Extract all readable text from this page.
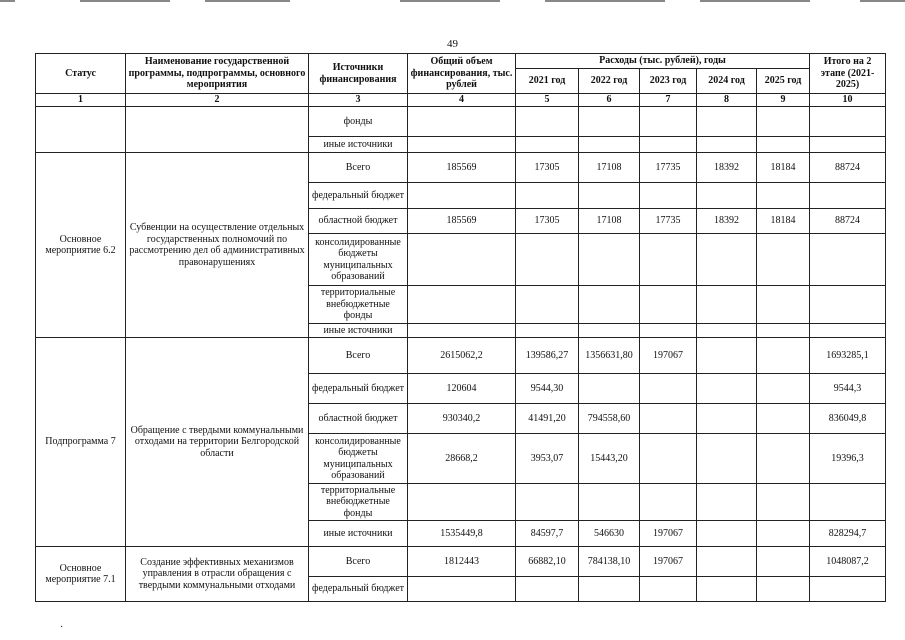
49
Статус	Наименование государственной программы, подпрограммы, основного мероприятия	Источники финансирования	Общий объем финансирования, тыс. рублей	Расходы (тыс. рублей), годы					Итого на 2 этапе (2021-2025)
				2021 год	2022 год	2023 год	2024 год	2025 год	
1	2	3	4	5	6	7	8	9	10
		фонды							
		иные источники							
Основное мероприятие 6.2	Субвенции на осуществление отдельных государственных полномочий по рассмотрению дел об административных правонарушениях	Всего	185569	17305	17108	17735	18392	18184	88724
		федеральный бюджет							
		областной бюджет	185569	17305	17108	17735	18392	18184	88724
		консолидированные бюджеты муниципальных образований							
		территориальные внебюджетные фонды							
		иные источники							
Подпрограмма 7	Обращение с твердыми коммунальными отходами на территории Белгородской области	Всего	2615062,2	139586,27	1356631,80	197067			1693285,1
		федеральный бюджет	120604	9544,30					9544,3
		областной бюджет	930340,2	41491,20	794558,60				836049,8
		консолидированные бюджеты муниципальных образований	28668,2	3953,07	15443,20				19396,3
		территориальные внебюджетные фонды							
		иные источники	1535449,8	84597,7	546630	197067			828294,7
Основное мероприятие 7.1	Создание эффективных механизмов управления в отрасли обращения с твердыми коммунальными отходами	Всего	1812443	66882,10	784138,10	197067			1048087,2
		федеральный бюджет							
·
